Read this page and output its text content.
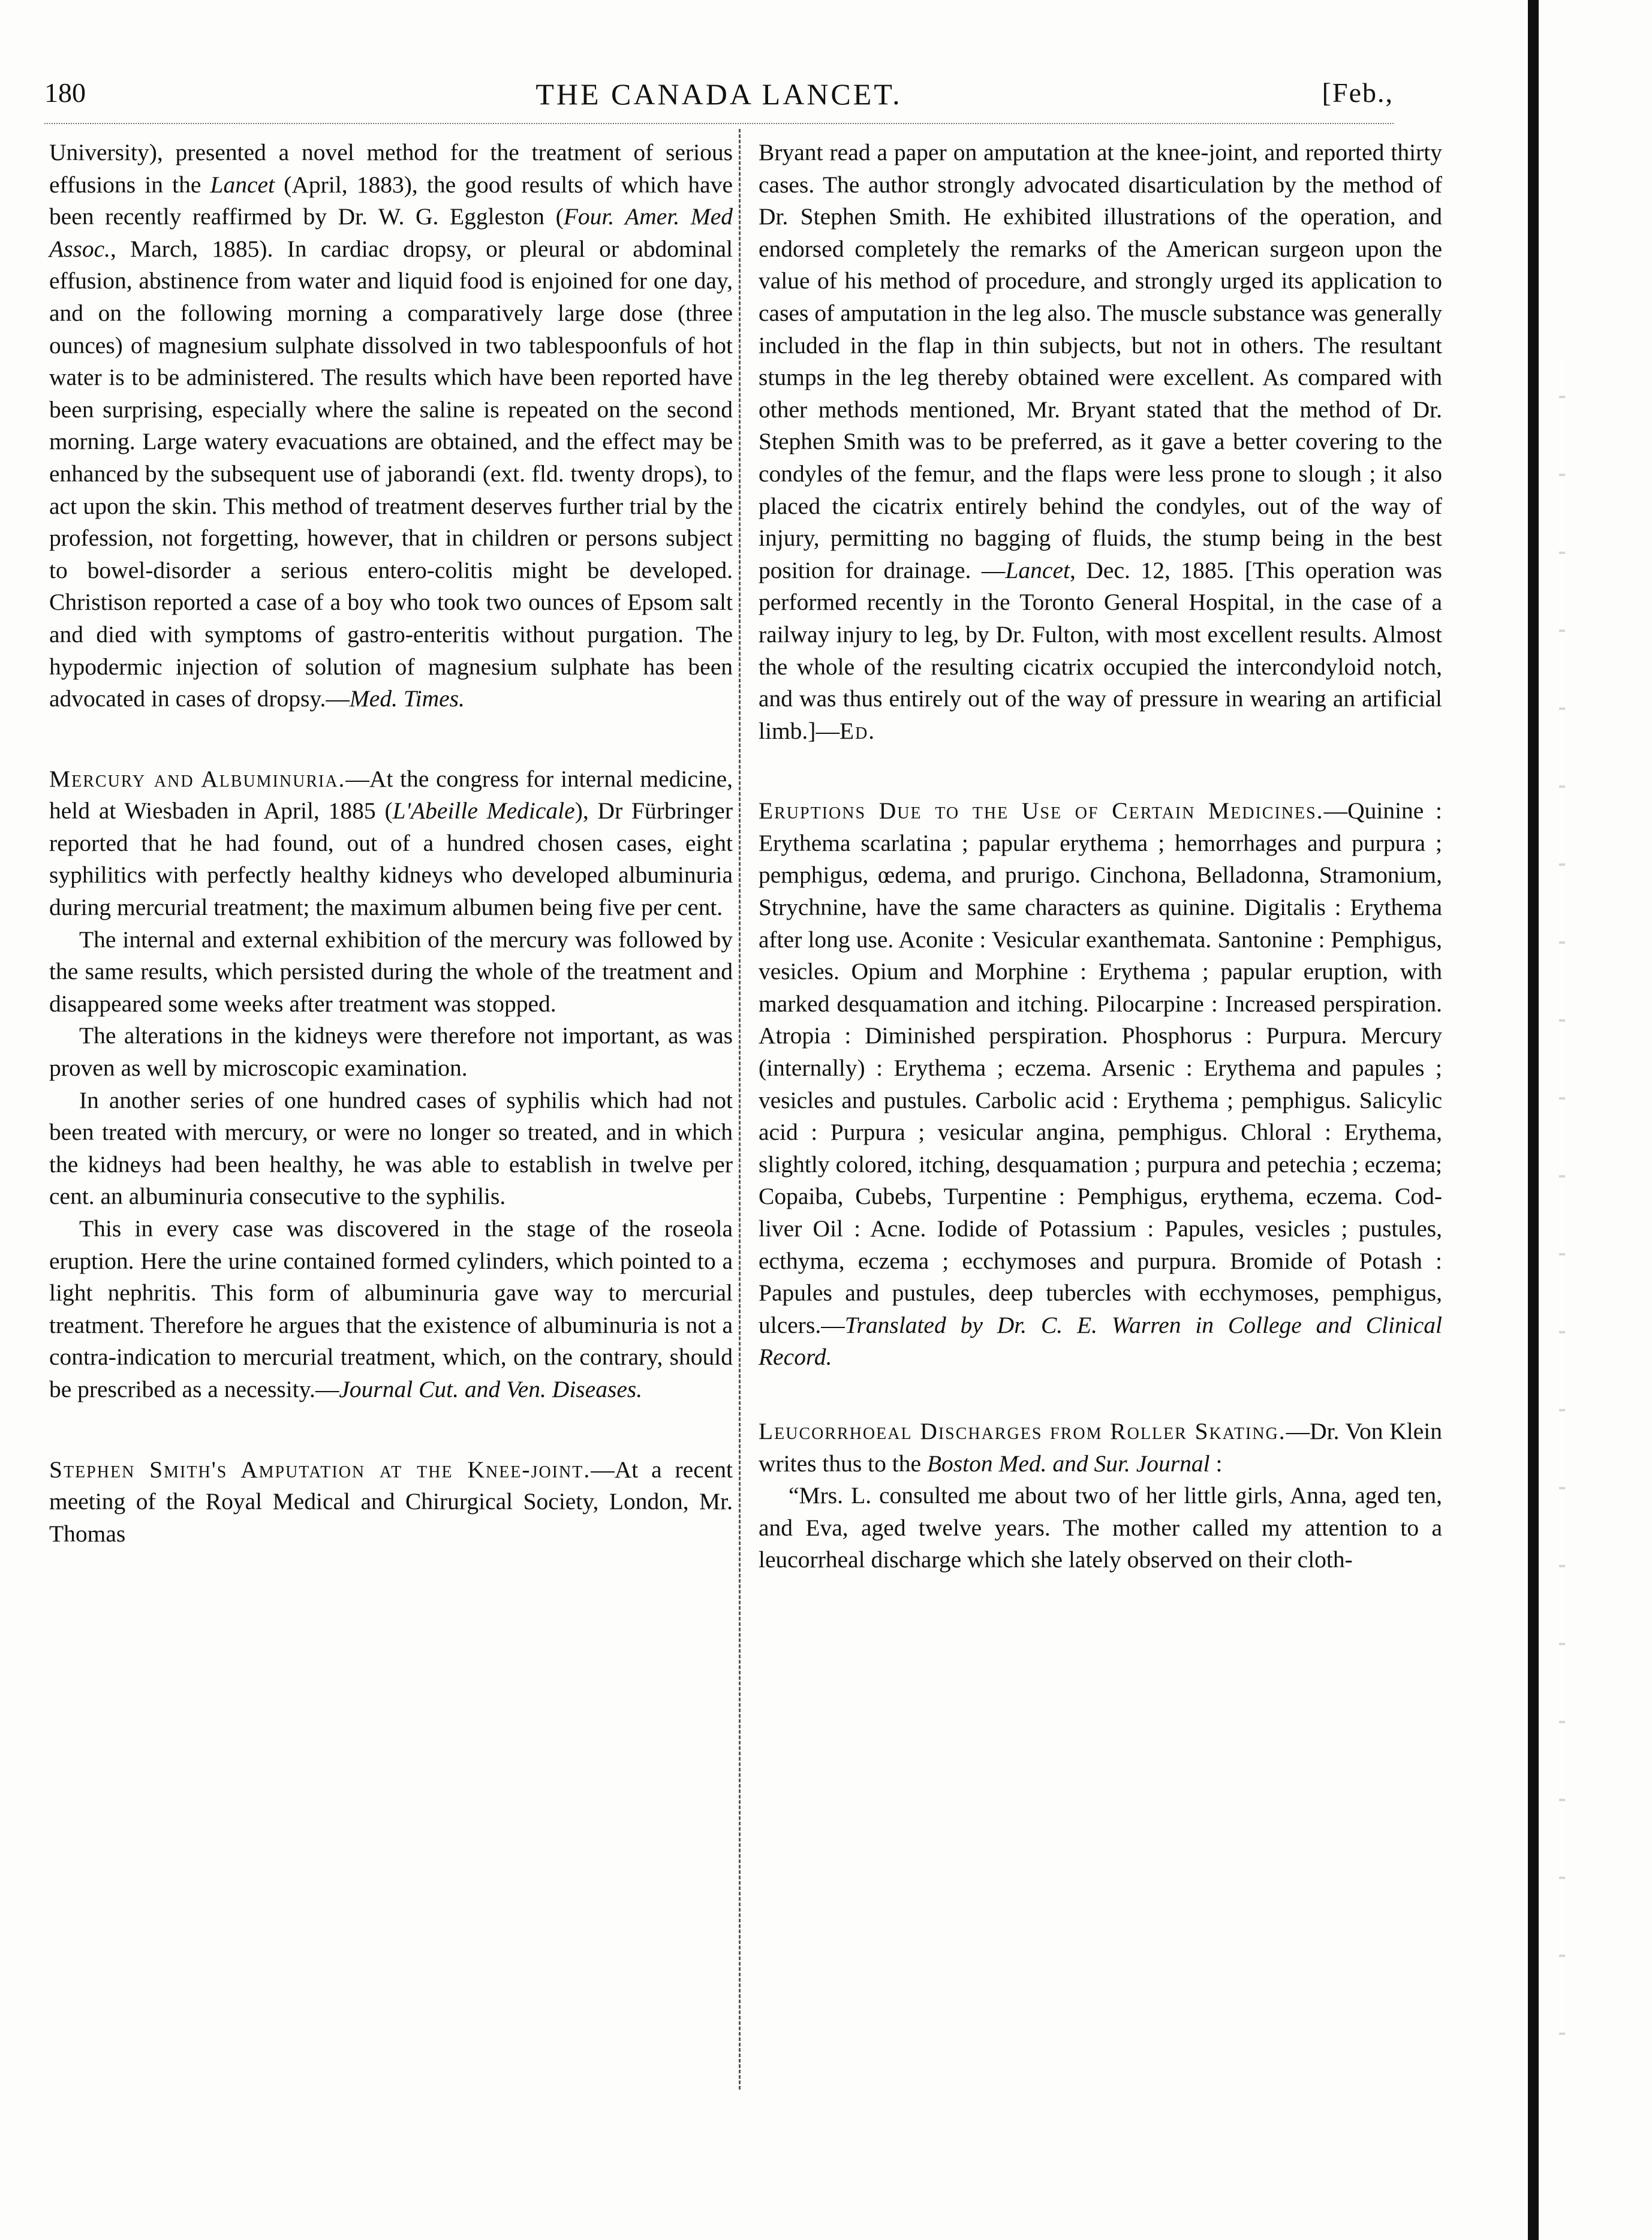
THE CANADA LANCET.
180	[Feb.,

University), presented a novel method for the treatment of serious effusions in the Lancet (April, 1883), the good results of which have been recently reaffirmed by Dr. W. G. Eggleston (Four. Amer. Med Assoc., March, 1885). In cardiac dropsy, or pleural or abdominal effusion, abstinence from water and liquid food is enjoined for one day, and on the following morning a comparatively large dose (three ounces) of magnesium sulphate dissolved in two tablespoonfuls of hot water is to be administered. The results which have been reported have been surprising, especially where the saline is repeated on the second morning. Large watery evacuations are obtained, and the effect may be enhanced by the subsequent use of jaborandi (ext. fld. twenty drops), to act upon the skin. This method of treatment deserves further trial by the profession, not forgetting, however, that in children or persons subject to bowel-disorder a serious entero-colitis might be developed. Christison reported a case of a boy who took two ounces of Epsom salt and died with symptoms of gastro-enteritis without purgation. The hypodermic injection of solution of magnesium sulphate has been advocated in cases of dropsy.—Med. Times.

Mercury and Albuminuria.—At the congress for internal medicine, held at Wiesbaden in April, 1885 (L'Abeille Medicale), Dr Fürbringer reported that he had found, out of a hundred chosen cases, eight syphilitics with perfectly healthy kidneys who developed albuminuria during mercurial treatment; the maximum albumen being five per cent.

The internal and external exhibition of the mercury was followed by the same results, which persisted during the whole of the treatment and disappeared some weeks after treatment was stopped.

The alterations in the kidneys were therefore not important, as was proven as well by microscopic examination.

In another series of one hundred cases of syphilis which had not been treated with mercury, or were no longer so treated, and in which the kidneys had been healthy, he was able to establish in twelve per cent. an albuminuria consecutive to the syphilis.

This in every case was discovered in the stage of the roseola eruption. Here the urine contained formed cylinders, which pointed to a light nephritis. This form of albuminuria gave way to mercurial treatment. Therefore he argues that the existence of albuminuria is not a contra-indication to mercurial treatment, which, on the contrary, should be prescribed as a necessity.—Journal Cut. and Ven. Diseases.

Stephen Smith's Amputation at the Knee-joint.—At a recent meeting of the Royal Medical and Chirurgical Society, London, Mr. Thomas

Bryant read a paper on amputation at the knee-joint, and reported thirty cases. The author strongly advocated disarticulation by the method of Dr. Stephen Smith. He exhibited illustrations of the operation, and endorsed completely the remarks of the American surgeon upon the value of his method of procedure, and strongly urged its application to cases of amputation in the leg also. The muscle substance was generally included in the flap in thin subjects, but not in others. The resultant stumps in the leg thereby obtained were excellent. As compared with other methods mentioned, Mr. Bryant stated that the method of Dr. Stephen Smith was to be preferred, as it gave a better covering to the condyles of the femur, and the flaps were less prone to slough ; it also placed the cicatrix entirely behind the condyles, out of the way of injury, permitting no bagging of fluids, the stump being in the best position for drainage. —Lancet, Dec. 12, 1885. [This operation was performed recently in the Toronto General Hospital, in the case of a railway injury to leg, by Dr. Fulton, with most excellent results. Almost the whole of the resulting cicatrix occupied the intercondyloid notch, and was thus entirely out of the way of pressure in wearing an artificial limb.]—Ed.

Eruptions Due to the Use of Certain Medicines.—Quinine : Erythema scarlatina ; papular erythema ; hemorrhages and purpura ; pemphigus, œdema, and prurigo. Cinchona, Belladonna, Stramonium, Strychnine, have the same characters as quinine. Digitalis : Erythema after long use. Aconite : Vesicular exanthemata. Santonine : Pemphigus, vesicles. Opium and Morphine : Erythema ; papular eruption, with marked desquamation and itching. Pilocarpine : Increased perspiration. Atropia : Diminished perspiration. Phosphorus : Purpura. Mercury (internally) : Erythema ; eczema. Arsenic : Erythema and papules ; vesicles and pustules. Carbolic acid : Erythema ; pemphigus. Salicylic acid : Purpura ; vesicular angina, pemphigus. Chloral : Erythema, slightly colored, itching, desquamation ; purpura and petechia ; eczema; Copaiba, Cubebs, Turpentine : Pemphigus, erythema, eczema. Cod-liver Oil : Acne. Iodide of Potassium : Papules, vesicles ; pustules, ecthyma, eczema ; ecchymoses and purpura. Bromide of Potash : Papules and pustules, deep tubercles with ecchymoses, pemphigus, ulcers.—Translated by Dr. C. E. Warren in College and Clinical Record.

Leucorrhoeal Discharges from Roller Skating.—Dr. Von Klein writes thus to the Boston Med. and Sur. Journal :

“Mrs. L. consulted me about two of her little girls, Anna, aged ten, and Eva, aged twelve years. The mother called my attention to a leucorrheal discharge which she lately observed on their cloth-
